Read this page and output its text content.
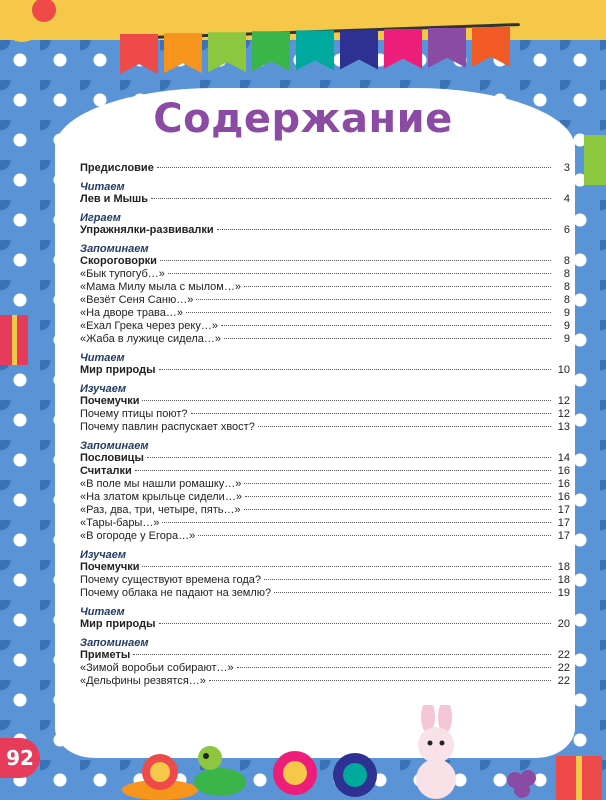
Содержание
Предисловие	3
Читаем
Лев и Мышь	4
Играем
Упражнялки-развивалки	6
Запоминаем
Скороговорки	8
«Бык тупогуб…»	8
«Мама Милу мыла с мылом…»	8
«Везёт Сеня Саню…»	8
«На дворе трава…»	9
«Ехал Грека через реку…»	9
«Жаба в лужице сидела…»	9
Читаем
Мир природы	10
Изучаем
Почемучки	12
Почему птицы поют?	12
Почему павлин распускает хвост?	13
Запоминаем
Пословицы	14
Считалки	16
«В поле мы нашли ромашку…»	16
«На златом крыльце сидели…»	16
«Раз, два, три, четыре, пять…»	17
«Тары-бары…»	17
«В огороде у Егора…»	17
Изучаем
Почемучки	18
Почему существуют времена года?	18
Почему облака не падают на землю?	19
Читаем
Мир природы	20
Запоминаем
Приметы	22
«Зимой воробьи собирают…»	22
«Дельфины резвятся…»	22
92
